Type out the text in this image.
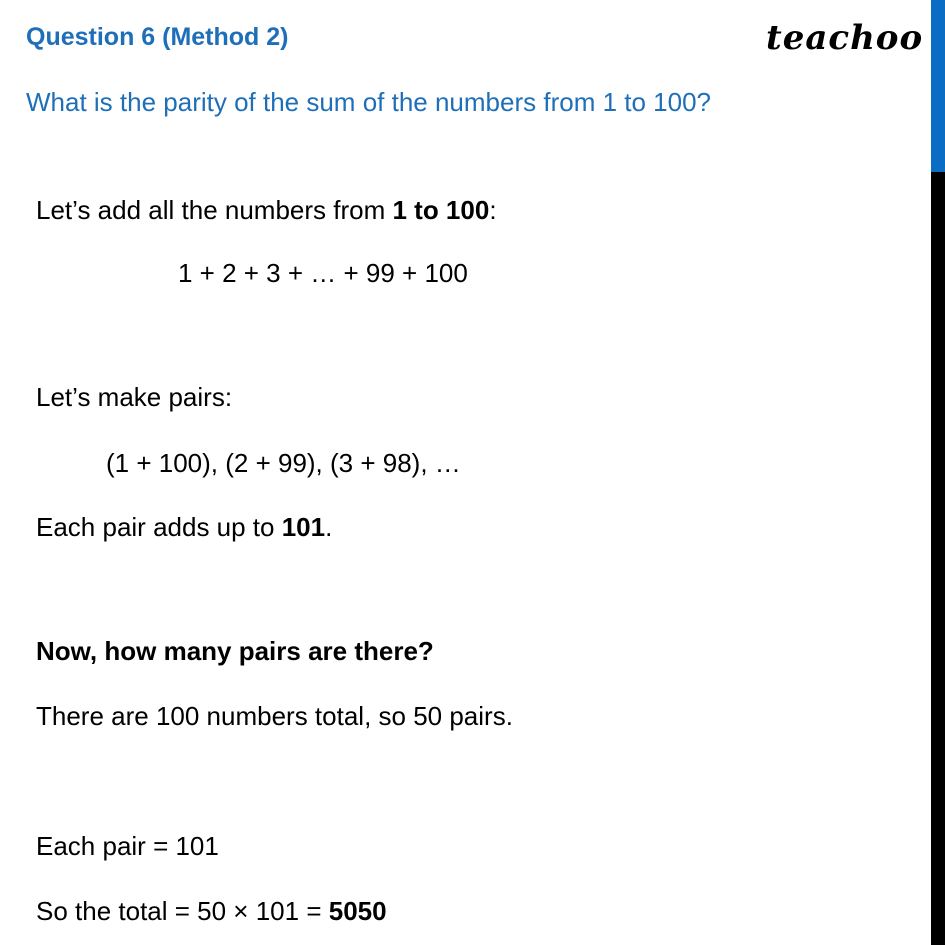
Question 6 (Method 2)	teachoo
What is the parity of the sum of the numbers from 1 to 100?
Let’s add all the numbers from 1 to 100:
1 + 2 + 3 + … + 99 + 100
Let’s make pairs:
(1 + 100), (2 + 99), (3 + 98), …
Each pair adds up to 101.
Now, how many pairs are there?
There are 100 numbers total, so 50 pairs.
Each pair = 101
So the total = 50 × 101 = 5050
